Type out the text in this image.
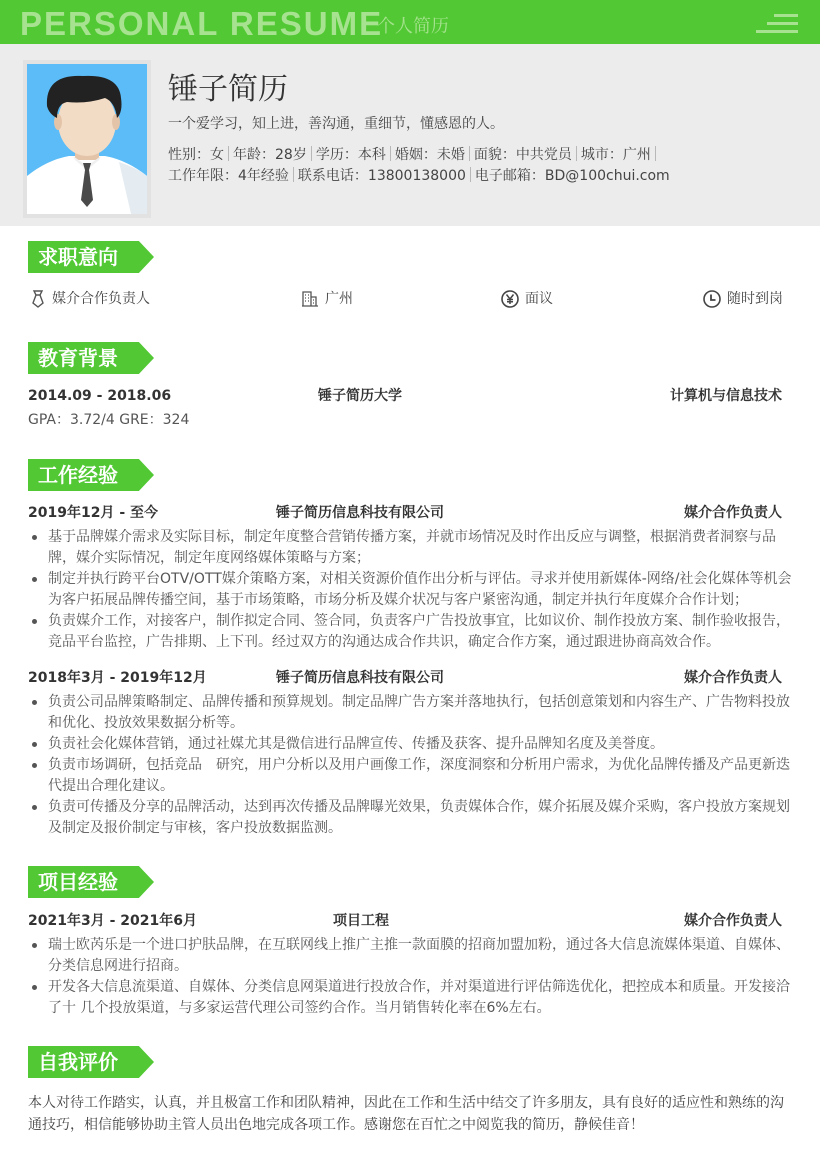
PERSONAL RESUME
个人简历
锤子简历
一个爱学习，知上进，善沟通，重细节，懂感恩的人。
性别：女 年龄：28岁 学历：本科 婚姻：未婚 面貌：中共党员 城市：广州
工作年限：4年经验 联系电话：13800138000 电子邮箱：BD@100chui.com
求职意向
媒介合作负责人	广州	面议	随时到岗
教育背景
2014.09 - 2018.06	锤子简历大学	计算机与信息技术
GPA：3.72/4 GRE：324
工作经验
2019年12月 - 至今	锤子简历信息科技有限公司	媒介合作负责人
基于品牌媒介需求及实际目标，制定年度整合营销传播方案，并就市场情况及时作出反应与调整，根据消费者洞察与品牌，媒介实际情况，制定年度网络媒体策略与方案；
制定并执行跨平台OTV/OTT媒介策略方案，对相关资源价值作出分析与评估。寻求并使用新媒体-网络/社会化媒体等机会为客户拓展品牌传播空间，基于市场策略，市场分析及媒介状况与客户紧密沟通，制定并执行年度媒介合作计划；
负责媒介工作，对接客户，制作拟定合同、签合同，负责客户广告投放事宜，比如议价、制作投放方案、制作验收报告，竞品平台监控，广告排期、上下刊。经过双方的沟通达成合作共识，确定合作方案，通过跟进协商高效合作。
2018年3月 - 2019年12月	锤子简历信息科技有限公司	媒介合作负责人
负责公司品牌策略制定、品牌传播和预算规划。制定品牌广告方案并落地执行，包括创意策划和内容生产、广告物料投放和优化、投放效果数据分析等。
负责社会化媒体营销，通过社媒尤其是微信进行品牌宣传、传播及获客、提升品牌知名度及美誉度。
负责市场调研，包括竞品　研究，用户分析以及用户画像工作，深度洞察和分析用户需求，为优化品牌传播及产品更新迭代提出合理化建议。
负责可传播及分享的品牌活动，达到再次传播及品牌曝光效果，负责媒体合作，媒介拓展及媒介采购，客户投放方案规划及制定及报价制定与审核，客户投放数据监测。
项目经验
2021年3月 - 2021年6月	项目工程	媒介合作负责人
瑞士欧芮乐是一个进口护肤品牌，在互联网线上推广主推一款面膜的招商加盟加粉，通过各大信息流媒体渠道、自媒体、分类信息网进行招商。
开发各大信息流渠道、自媒体、分类信息网渠道进行投放合作，并对渠道进行评估筛选优化，把控成本和质量。开发接洽了十 几个投放渠道，与多家运营代理公司签约合作。当月销售转化率在6%左右。
自我评价
本人对待工作踏实，认真，并且极富工作和团队精神，因此在工作和生活中结交了许多朋友，具有良好的适应性和熟练的沟通技巧，相信能够协助主管人员出色地完成各项工作。感谢您在百忙之中阅览我的简历，静候佳音！
